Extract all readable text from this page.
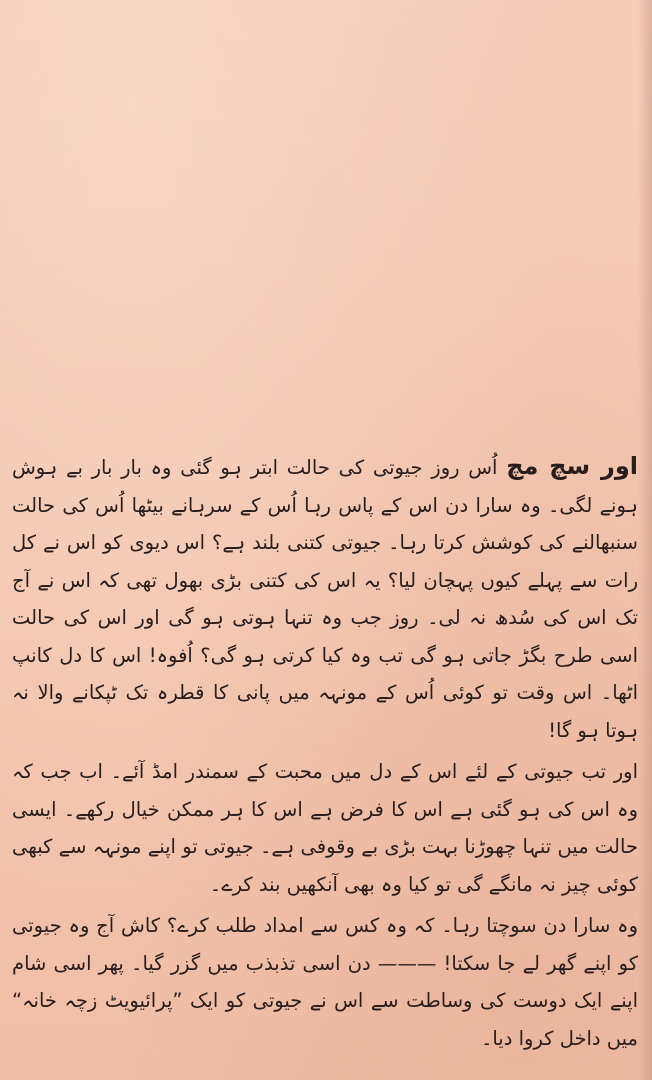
اور سچ مچ اُس روز جیوتی کی حالت ابتر ہو گئی وہ بار بار بے ہوش ہونے لگی۔ وہ سارا دن اس کے پاس رہا اُس کے سرہانے بیٹھا اُس کی حالت سنبھالنے کی کوشش کرتا رہا۔ جیوتی کتنی بلند ہے؟ اس دیوی کو اس نے کل رات سے پہلے کیوں پہچان لیا؟ یہ اس کی کتنی بڑی بھول تھی کہ اس نے آج تک اس کی سُدھ نہ لی۔ روز جب وہ تنہا ہوتی ہو گی اور اس کی حالت اسی طرح بگڑ جاتی ہو گی تب وہ کیا کرتی ہو گی؟ اُفوہ! اس کا دل کانپ اٹھا۔ اس وقت تو کوئی اُس کے مونہہ میں پانی کا قطرہ تک ٹپکانے والا نہ ہوتا ہو گا!

اور تب جیوتی کے لئے اس کے دل میں محبت کے سمندر امڈ آئے۔ اب جب کہ وہ اس کی ہو گئی ہے اس کا فرض ہے اس کا ہر ممکن خیال رکھے۔ ایسی حالت میں تنہا چھوڑنا بہت بڑی بے وقوفی ہے۔ جیوتی تو اپنے مونہہ سے کبھی کوئی چیز نہ مانگے گی تو کیا وہ بھی آنکھیں بند کرے۔

وہ سارا دن سوچتا رہا۔ کہ وہ کس سے امداد طلب کرے؟ کاش آج وہ جیوتی کو اپنے گھر لے جا سکتا! ——— دن اسی تذبذب میں گزر گیا۔ پھر اسی شام اپنے ایک دوست کی وساطت سے اس نے جیوتی کو ایک ”پرائیویٹ زچہ خانہ“ میں داخل کروا دیا۔
